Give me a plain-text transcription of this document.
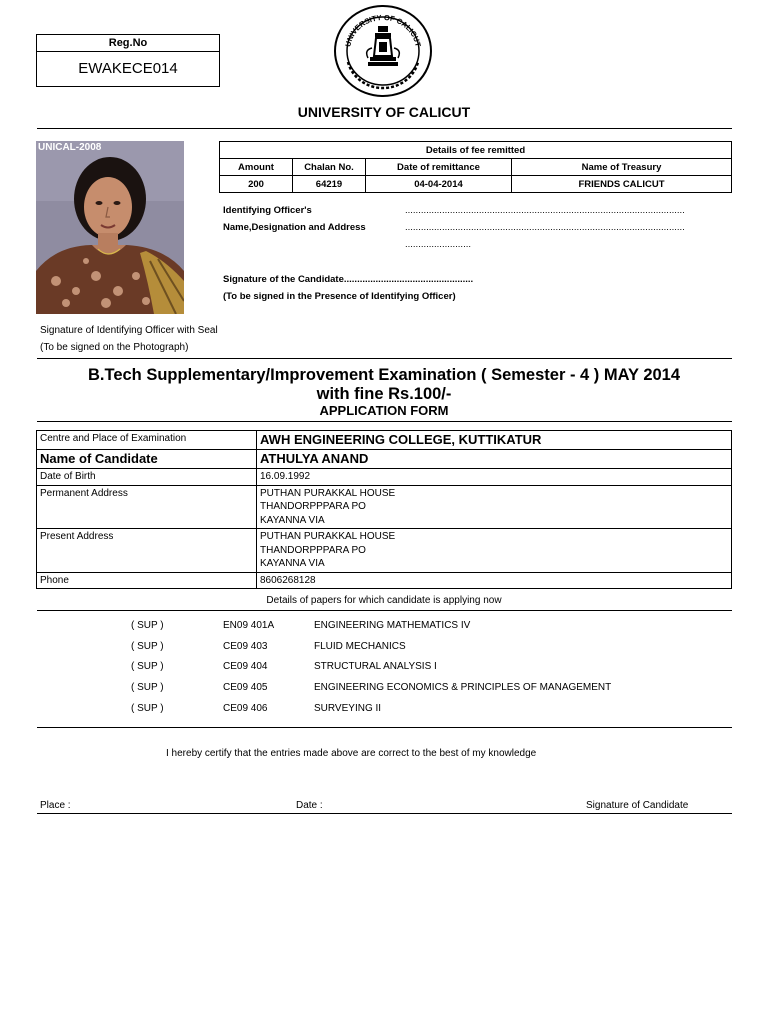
Reg.No
EWAKECE014
UNIVERSITY OF CALICUT
UNIVERSITY OF CALICUT
UNICAL-2008	Details of fee remitted			
Amount	Chalan No.	Date of remittance	Name of Treasury
200	64219	04-04-2014	FRIENDS CALICUT
Identifying Officer's
Name,Designation and Address
..........................................................................................................
..........................................................................................................
.........................
Signature of the Candidate.................................................
(To be signed in the Presence of Identifying Officer)
Signature of Identifying Officer with Seal
(To be signed on the Photograph)
B.Tech Supplementary/Improvement Examination ( Semester - 4 ) MAY 2014
with fine Rs.100/-
APPLICATION FORM
Centre and Place of Examination	AWH ENGINEERING COLLEGE, KUTTIKATUR
Name of Candidate	ATHULYA ANAND
Date of Birth	16.09.1992
Permanent Address	PUTHAN PURAKKAL HOUSE
THANDORPPPARA PO
KAYANNA VIA

Present Address	PUTHAN PURAKKAL HOUSE
THANDORPPPARA PO
KAYANNA VIA

Phone	8606268128
Details of papers for which candidate is applying now
( SUP )	EN09 401A	ENGINEERING MATHEMATICS IV
( SUP )	CE09 403	FLUID MECHANICS
( SUP )	CE09 404	STRUCTURAL ANALYSIS I
( SUP )	CE09 405	ENGINEERING ECONOMICS & PRINCIPLES OF MANAGEMENT
( SUP )	CE09 406	SURVEYING II
I hereby certify that the entries made above are correct to the best of my knowledge
Place :	Date :	Signature of Candidate
